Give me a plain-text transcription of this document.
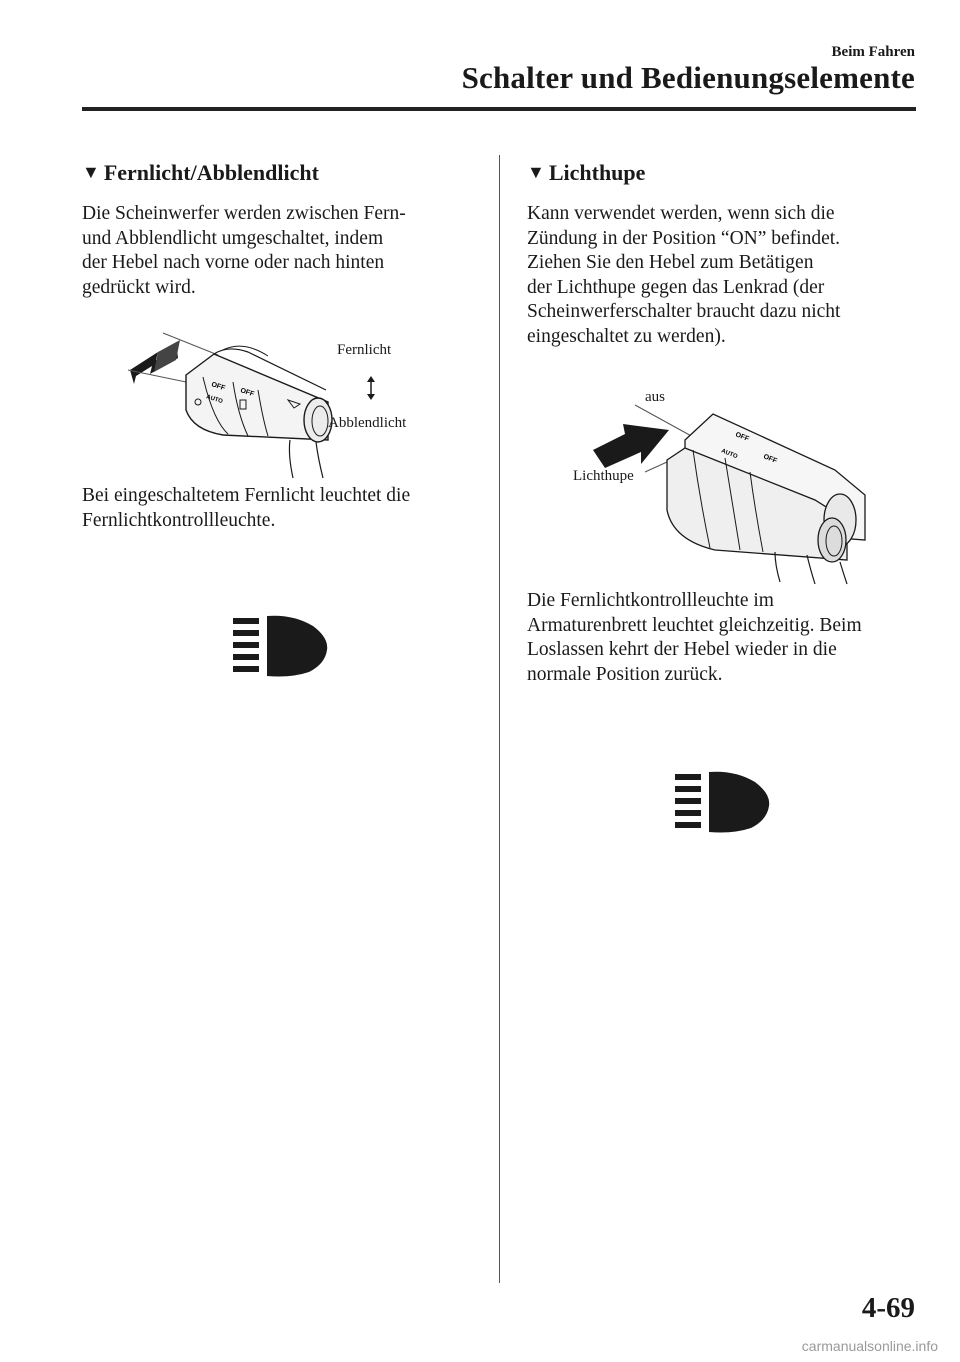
Beim Fahren
Schalter und Bedienungselemente
▼ Fernlicht/Abblendlicht
Die Scheinwerfer werden zwischen Fern-
und Abblendlicht umgeschaltet, indem
der Hebel nach vorne oder nach hinten
gedrückt wird.
OFF
AUTO
OFF
Fernlicht
Abblendlicht
Bei eingeschaltetem Fernlicht leuchtet die
Fernlichtkontrollleuchte.
▼ Lichthupe
Kann verwendet werden, wenn sich die
Zündung in der Position “ON” befindet.
Ziehen Sie den Hebel zum Betätigen
der Lichthupe gegen das Lenkrad (der
Scheinwerferschalter braucht dazu nicht
eingeschaltet zu werden).
OFF
AUTO	OFF
aus
Lichthupe
Die Fernlichtkontrollleuchte im
Armaturenbrett leuchtet gleichzeitig. Beim
Loslassen kehrt der Hebel wieder in die
normale Position zurück.
4-69
carmanualsonline.info
